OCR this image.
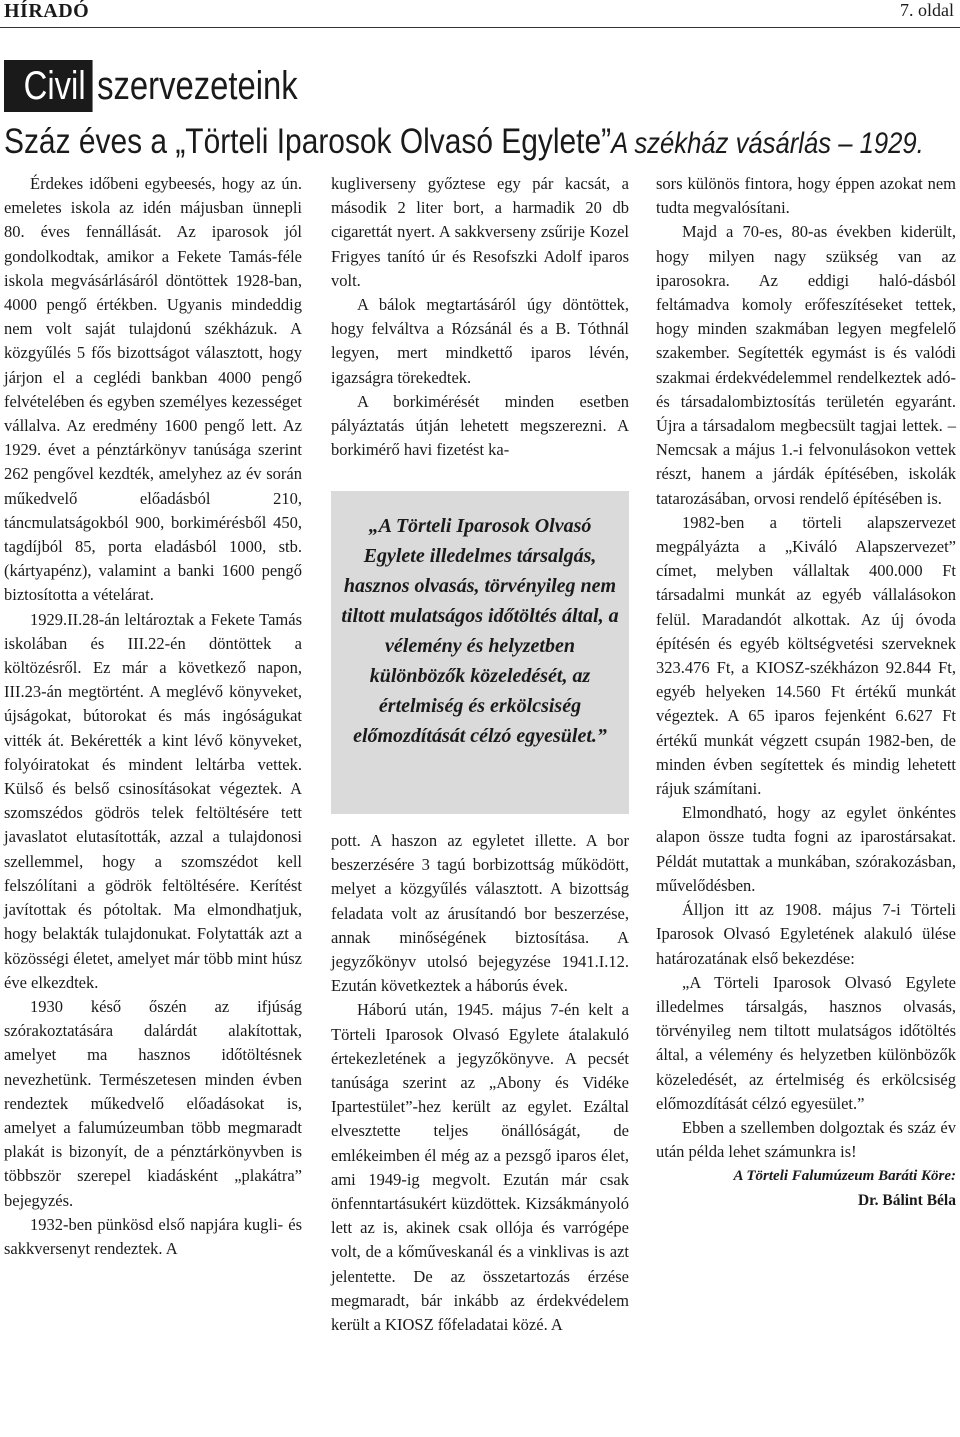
HÍRADÓ	7. oldal
Civil szervezeteink
Száz éves a „Törteli Iparosok Olvasó Egylete”A székház vásárlás – 1929.

Érdekes időbeni egybeesés, hogy az ún. emeletes iskola az idén májusban ünnepli 80. éves fennállását. Az iparosok jól gondolkodtak, amikor a Fekete Tamás-féle iskola megvásárlásáról döntöttek 1928-ban, 4000 pengő értékben. Ugyanis mindeddig nem volt saját tulajdonú székházuk. A közgyűlés 5 fős bizottságot választott, hogy járjon el a ceglédi bankban 4000 pengő felvételében és egyben személyes kezességet vállalva. Az eredmény 1600 pengő lett. Az 1929. évet a pénztárkönyv tanúsága szerint 262 pengővel kezdték, amelyhez az év során műkedvelő előadásból 210, táncmulatságokból 900, borkimérésből 450, tagdíjból 85, porta eladásból 1000, stb. (kártyapénz), valamint a banki 1600 pengő biztosította a vételárat.

1929.II.28-án leltároztak a Fekete Tamás iskolában és III.22-én döntöttek a költözésről. Ez már a következő napon, III.23-án megtörtént. A meglévő könyveket, újságokat, bútorokat és más ingóságukat vitték át. Bekérették a kint lévő könyveket, folyóiratokat és mindent leltárba vettek. Külső és belső csinosításokat végeztek. A szomszédos gödrös telek feltöltésére tett javaslatot elutasították, azzal a tulajdonosi szellemmel, hogy a szomszédot kell felszólítani a gödrök feltöltésére. Kerítést javítottak és pótoltak. Ma elmondhatjuk, hogy belakták tulajdonukat. Folytatták azt a közösségi életet, amelyet már több mint húsz éve elkezdtek.

1930 késő őszén az ifjúság szórakoztatására dalárdát alakítottak, amelyet ma hasznos időtöltésnek nevezhetünk. Természetesen minden évben rendeztek műkedvelő előadásokat is, amelyet a falumúzeumban több megmaradt plakát is bizonyít, de a pénztárkönyvben is többször szerepel kiadásként „plakátra” bejegyzés.

1932-ben pünkösd első napjára kugli- és sakkversenyt rendeztek. A

kugliverseny győztese egy pár kacsát, a második 2 liter bort, a harmadik 20 db cigarettát nyert. A sakkverseny zsűrije Kozel Frigyes tanító úr és Resofszki Adolf iparos volt.

A bálok megtartásáról úgy döntöttek, hogy felváltva a Rózsánál és a B. Tóthnál legyen, mert mindkettő iparos lévén, igazságra törekedtek.

A borkimérését minden esetben pályáztatás útján lehetett megszerezni. A borkimérő havi fizetést ka-

„A Törteli Iparosok Olvasó Egylete illedelmes társalgás, hasznos olvasás, törvényileg nem tiltott mulatságos időtöltés által, a vélemény és helyzetben különbözők közeledését, az értelmiség és erkölcsiség előmozdítását célzó egyesület.”

pott. A haszon az egyletet illette. A bor beszerzésére 3 tagú borbizottság működött, melyet a közgyűlés választott. A bizottság feladata volt az árusítandó bor beszerzése, annak minőségének biztosítása. A jegyzőkönyv utolsó bejegyzése 1941.I.12. Ezután következtek a háborús évek.

Háború után, 1945. május 7-én kelt a Törteli Iparosok Olvasó Egylete átalakuló értekezletének a jegyzőkönyve. A pecsét tanúsága szerint az „Abony és Vidéke Ipartestület”-hez került az egylet. Ezáltal elvesztette teljes önállóságát, de emlékeimben él még az a pezsgő iparos élet, ami 1949-ig megvolt. Ezután már csak önfenntartásukért küzdöttek. Kizsákmányoló lett az is, akinek csak ollója és varrógépe volt, de a kőműveskanál és a vinklivas is azt jelentette. De az összetartozás érzése megmaradt, bár inkább az érdekvédelem került a KIOSZ főfeladatai közé. A

sors különös fintora, hogy éppen azokat nem tudta megvalósítani.

Majd a 70-es, 80-as években kiderült, hogy milyen nagy szükség van az iparosokra. Az eddigi haló-dásból feltámadva komoly erőfeszítéseket tettek, hogy minden szakmában legyen megfelelő szakember. Segítették egymást is és valódi szakmai érdekvédelemmel rendelkeztek adó- és társadalombiztosítás területén egyaránt. Újra a társadalom megbecsült tagjai lettek. – Nemcsak a május 1.-i felvonulásokon vettek részt, hanem a járdák építésében, iskolák tatarozásában, orvosi rendelő építésében is.

1982-ben a törteli alapszervezet megpályázta a „Kiváló Alapszervezet” címet, melyben vállaltak 400.000 Ft társadalmi munkát az egyéb vállalásokon felül. Maradandót alkottak. Az új óvoda építésén és egyéb költségvetési szerveknek 323.476 Ft, a KIOSZ-székházon 92.844 Ft, egyéb helyeken 14.560 Ft értékű munkát végeztek. A 65 iparos fejenként 6.627 Ft értékű munkát végzett csupán 1982-ben, de minden évben segítettek és mindig lehetett rájuk számítani.

Elmondható, hogy az egylet önkéntes alapon össze tudta fogni az iparostársakat. Példát mutattak a munkában, szórakozásban, művelődésben.

Álljon itt az 1908. május 7-i Törteli Iparosok Olvasó Egyletének alakuló ülése határozatának első bekezdése:

„A Törteli Iparosok Olvasó Egylete illedelmes társalgás, hasznos olvasás, törvényileg nem tiltott mulatságos időtöltés által, a vélemény és helyzetben különbözők közeledését, az értelmiség és erkölcsiség előmozdítását célzó egyesület.”

Ebben a szellemben dolgoztak és száz év után példa lehet számunkra is!

A Törteli Falumúzeum Baráti Köre:

Dr. Bálint Béla
